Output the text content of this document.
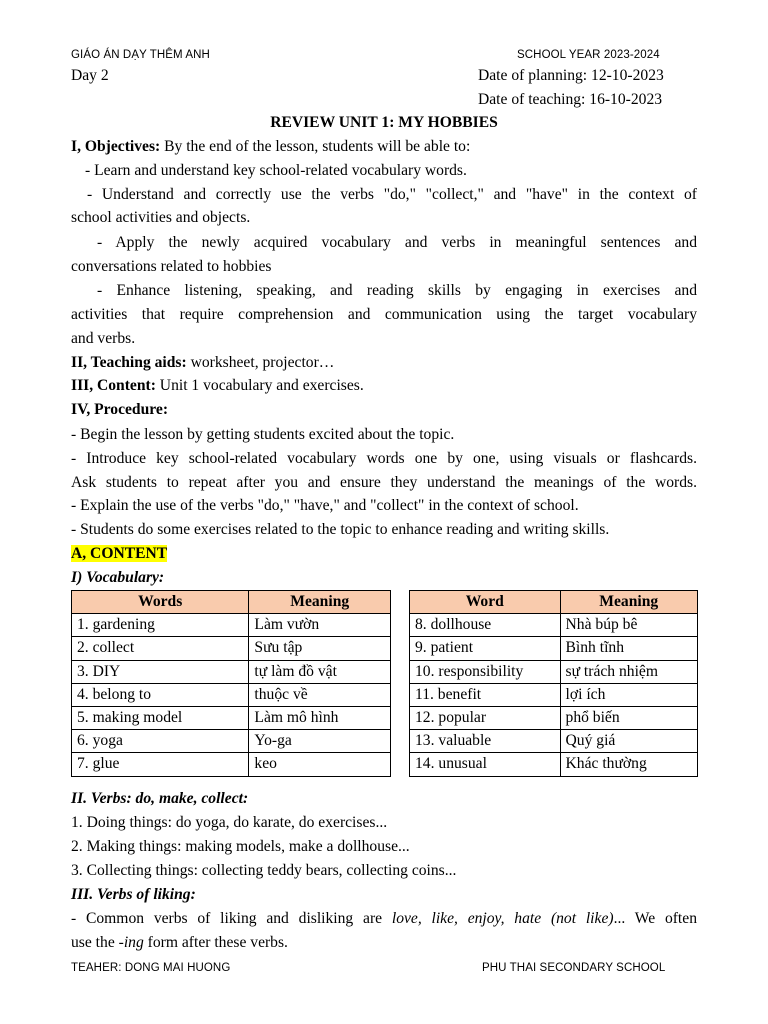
GIÁO ÁN DẠY THÊM ANH	SCHOOL YEAR 2023-2024
Day 2	Date of planning: 12-10-2023
Date of teaching: 16-10-2023
REVIEW UNIT 1: MY HOBBIES
I, Objectives: By the end of the lesson, students will be able to:
- Learn and understand key school-related vocabulary words.
- Understand and correctly use the verbs "do," "collect," and "have" in the context of
school activities and objects.
- Apply the newly acquired vocabulary and verbs in meaningful sentences and
conversations related to hobbies
- Enhance listening, speaking, and reading skills by engaging in exercises and
activities that require comprehension and communication using the target vocabulary
and verbs.
II, Teaching aids: worksheet, projector…
III, Content: Unit 1 vocabulary and exercises.
IV, Procedure:
- Begin the lesson by getting students excited about the topic.
- Introduce key school-related vocabulary words one by one, using visuals or flashcards.
Ask students to repeat after you and ensure they understand the meanings of the words.
- Explain the use of the verbs "do," "have," and "collect" in the context of school.
- Students do some exercises related to the topic to enhance reading and writing skills.
A, CONTENT
I) Vocabulary:
Words	Meaning
1. gardening	Làm vườn
2. collect	Sưu tập
3. DIY	tự làm đồ vật
4. belong to	thuộc về
5. making model	Làm mô hình
6. yoga	Yo-ga
7. glue	keo
Word	Meaning
8. dollhouse	Nhà búp bê
9. patient	Bình tĩnh
10. responsibility	sự trách nhiệm
11. benefit	lợi ích
12. popular	phổ biến
13. valuable	Quý giá
14. unusual	Khác thường
II. Verbs: do, make, collect:
1. Doing things: do yoga, do karate, do exercises...
2. Making things: making models, make a dollhouse...
3. Collecting things: collecting teddy bears, collecting coins...
III. Verbs of liking:
- Common verbs of liking and disliking are love, like, enjoy, hate (not like)... We often
use the -ing form after these verbs.
TEAHER: DONG MAI HUONG	PHU THAI SECONDARY SCHOOL
